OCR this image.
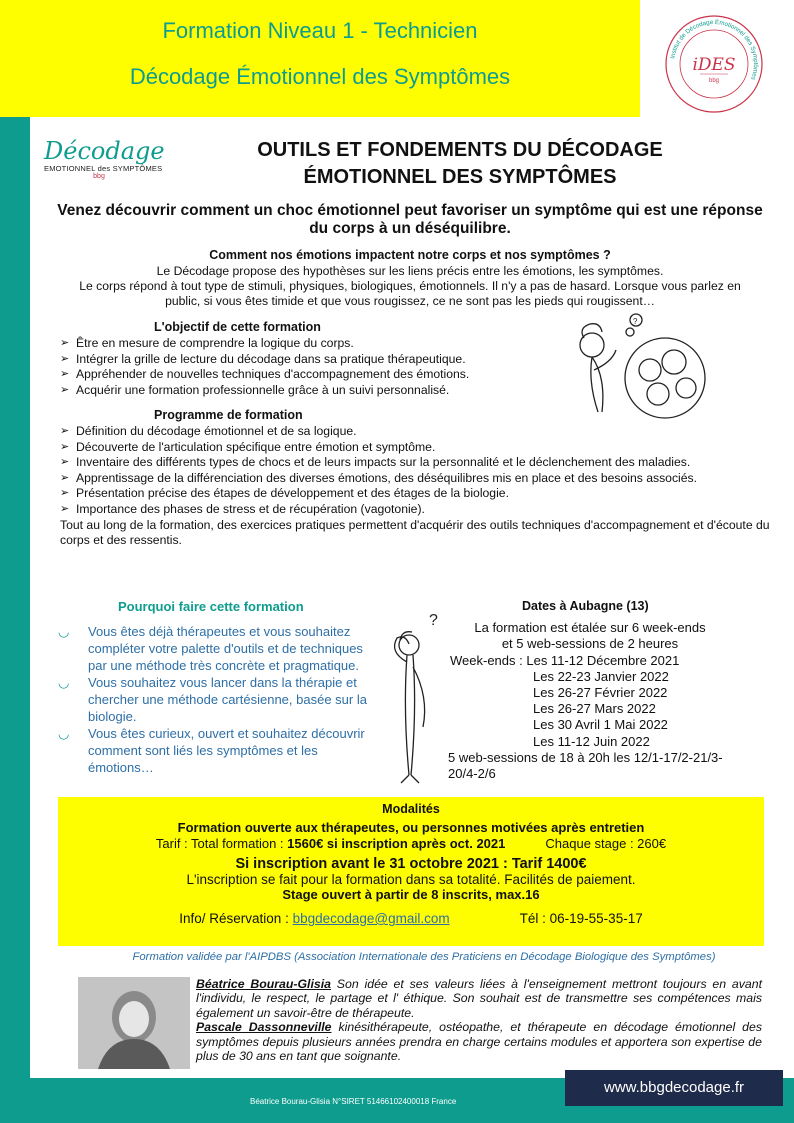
Formation Niveau 1 - Technicien
Décodage Émotionnel des Symptômes
Institut de Décodage Émotionnel des Symptômes
iDES
bbg
Décodage
EMOTIONNEL des SYMPTÔMES
bbg
OUTILS ET FONDEMENTS DU DÉCODAGE
ÉMOTIONNEL DES SYMPTÔMES
Venez découvrir comment un choc émotionnel peut favoriser un symptôme qui est une réponse du corps à un déséquilibre.
Comment nos émotions impactent notre corps et nos symptômes ?
Le Décodage propose des hypothèses sur les liens précis entre les émotions, les symptômes.
Le corps répond à tout type de stimuli, physiques, biologiques, émotionnels. Il n'y a pas de hasard. Lorsque vous parlez en public, si vous êtes timide et que vous rougissez, ce ne sont pas les pieds qui rougissent…
L'objectif de cette formation
➢ Être en mesure de comprendre la logique du corps.
➢ Intégrer la grille de lecture du décodage dans sa pratique thérapeutique.
➢ Appréhender de nouvelles techniques d'accompagnement des émotions.
➢ Acquérir une formation professionnelle grâce à un suivi personnalisé.
?
Programme de formation
➢ Définition du décodage émotionnel et de sa logique.
➢ Découverte de l'articulation spécifique entre émotion et symptôme.
➢ Inventaire des différents types de chocs et de leurs impacts sur la personnalité et le déclenchement des maladies.
➢ Apprentissage de la différenciation des diverses émotions, des déséquilibres mis en place et des besoins associés.
➢ Présentation précise des étapes de développement et des étages de la biologie.
➢ Importance des phases de stress et de récupération (vagotonie).
Tout au long de la formation, des exercices pratiques permettent d'acquérir des outils techniques d'accompagnement et d'écoute du corps et des ressentis.
Pourquoi faire cette formation
◡ Vous êtes déjà thérapeutes et vous souhaitez compléter votre palette d'outils et de techniques par une méthode très concrète et pragmatique.
◡ Vous souhaitez vous lancer dans la thérapie et chercher une méthode cartésienne, basée sur la biologie.
◡ Vous êtes curieux, ouvert et souhaitez découvrir comment sont liés les symptômes et les émotions…
?
Dates à Aubagne (13)
La formation est étalée sur 6 week-ends
et 5 web-sessions de 2 heures
Week-ends : Les 11-12 Décembre 2021
Les 22-23 Janvier 2022
Les 26-27 Février 2022
Les 26-27 Mars 2022
Les 30 Avril 1 Mai 2022
Les 11-12 Juin 2022
5 web-sessions de 18 à 20h les 12/1-17/2-21/3-20/4-2/6
Modalités
Formation ouverte aux thérapeutes, ou personnes motivées après entretien
Tarif : Total formation : 1560€ si inscription après oct. 2021	Chaque stage : 260€
Si inscription avant le 31 octobre 2021 : Tarif 1400€
L'inscription se fait pour la formation dans sa totalité. Facilités de paiement.
Stage ouvert à partir de 8 inscrits, max.16
Info/ Réservation : bbgdecodage@gmail.com	Tél : 06-19-55-35-17
Formation validée par l'AIPDBS (Association Internationale des Praticiens en Décodage Biologique des Symptômes)
Béatrice Bourau-Glisia Son idée et ses valeurs liées à l'enseignement mettront toujours en avant l'individu, le respect, le partage et l' éthique. Son souhait est de transmettre ses compétences mais également un savoir-être de thérapeute.
Pascale Dassonneville kinésithérapeute, ostéopathe, et thérapeute en décodage émotionnel des symptômes depuis plusieurs années prendra en charge certains modules et apportera son expertise de plus de 30 ans en tant que soignante.
www.bbgdecodage.fr
Béatrice Bourau-Glisia N°SIRET 51466102400018 France
